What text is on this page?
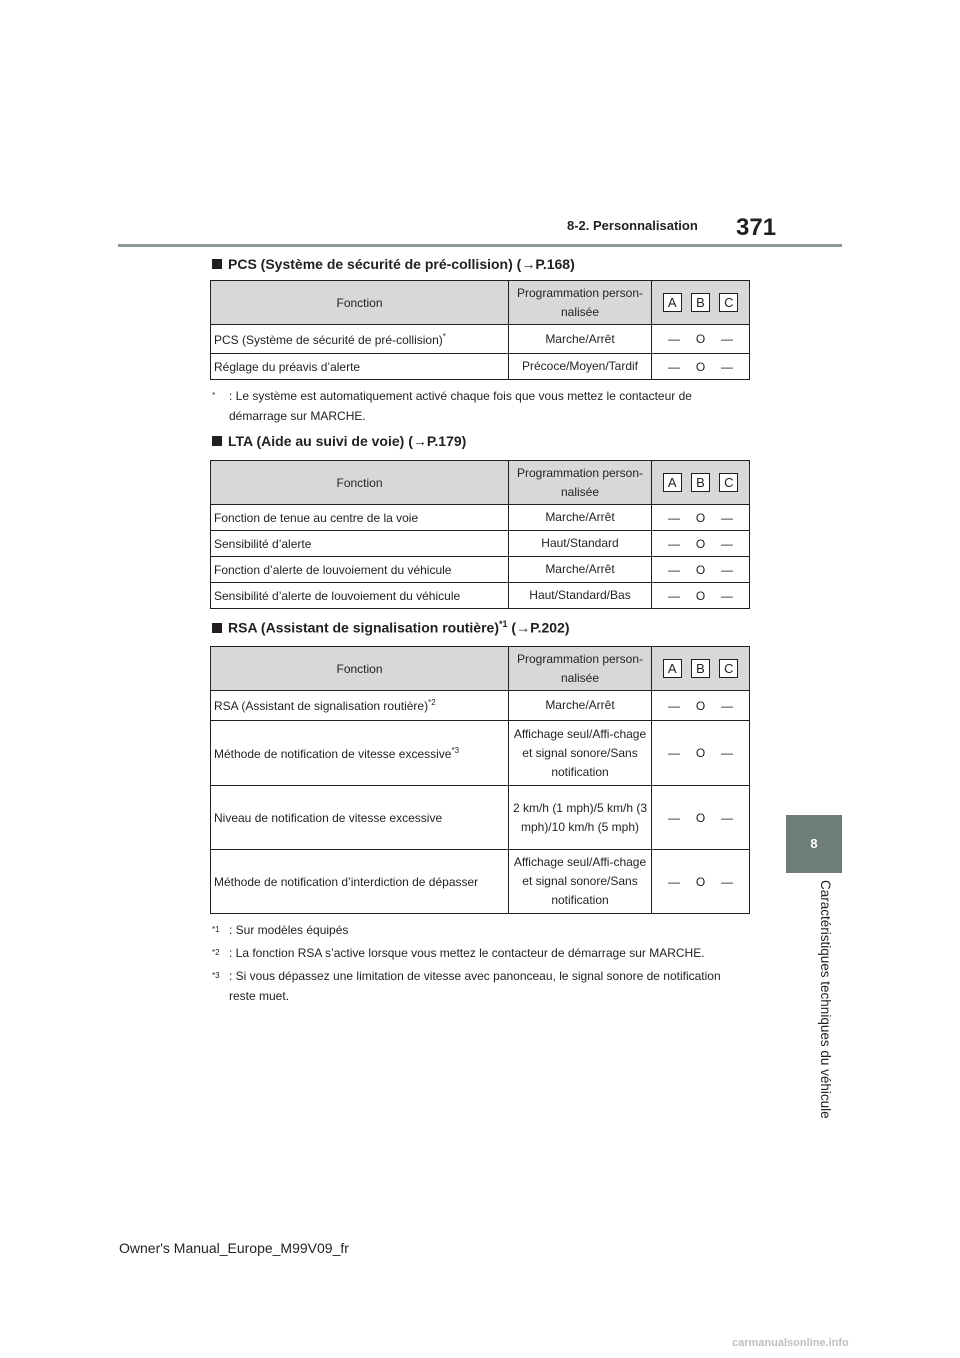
8-2. Personnalisation 371
8
Caractéristiques techniques du véhicule
PCS (Système de sécurité de pré-collision) (→P.168)
Fonction	Programmation person-nalisée	A B C

PCS (Système de sécurité de pré-collision)*	Marche/Arrêt	— O —

Réglage du préavis d’alerte	Précoce/Moyen/Tardif	— O —
* : Le système est automatiquement activé chaque fois que vous mettez le contacteur de démarrage sur MARCHE.
LTA (Aide au suivi de voie) (→P.179)
Fonction	Programmation person-nalisée	A B C

Fonction de tenue au centre de la voie	Marche/Arrêt	— O —

Sensibilité d’alerte	Haut/Standard	— O —

Fonction d’alerte de louvoiement du véhicule	Marche/Arrêt	— O —

Sensibilité d’alerte de louvoiement du véhicule	Haut/Standard/Bas	— O —
RSA (Assistant de signalisation routière)$^{*1}$ (→P.202)
Fonction	Programmation person-nalisée	A B C

RSA (Assistant de signalisation routière)$^{*2}$	Marche/Arrêt	— O —

Méthode de notification de vitesse excessive$^{*3}$	Affichage seul/Affi-chage et signal sonore/Sans notification	— O —

Niveau de notification de vitesse excessive	2 km/h (1 mph)/5 km/h (3 mph)/10 km/h (5 mph)	— O —

Méthode de notification d’interdiction de dépasser	Affichage seul/Affi-chage et signal sonore/Sans notification	— O —
$^{*1}$ : Sur modèles équipés
$^{*2}$ : La fonction RSA s’active lorsque vous mettez le contacteur de démarrage sur MARCHE.
$^{*3}$ : Si vous dépassez une limitation de vitesse avec panonceau, le signal sonore de notification reste muet.
Owner's Manual_Europe_M99V09_fr
carmanualsonline.info
